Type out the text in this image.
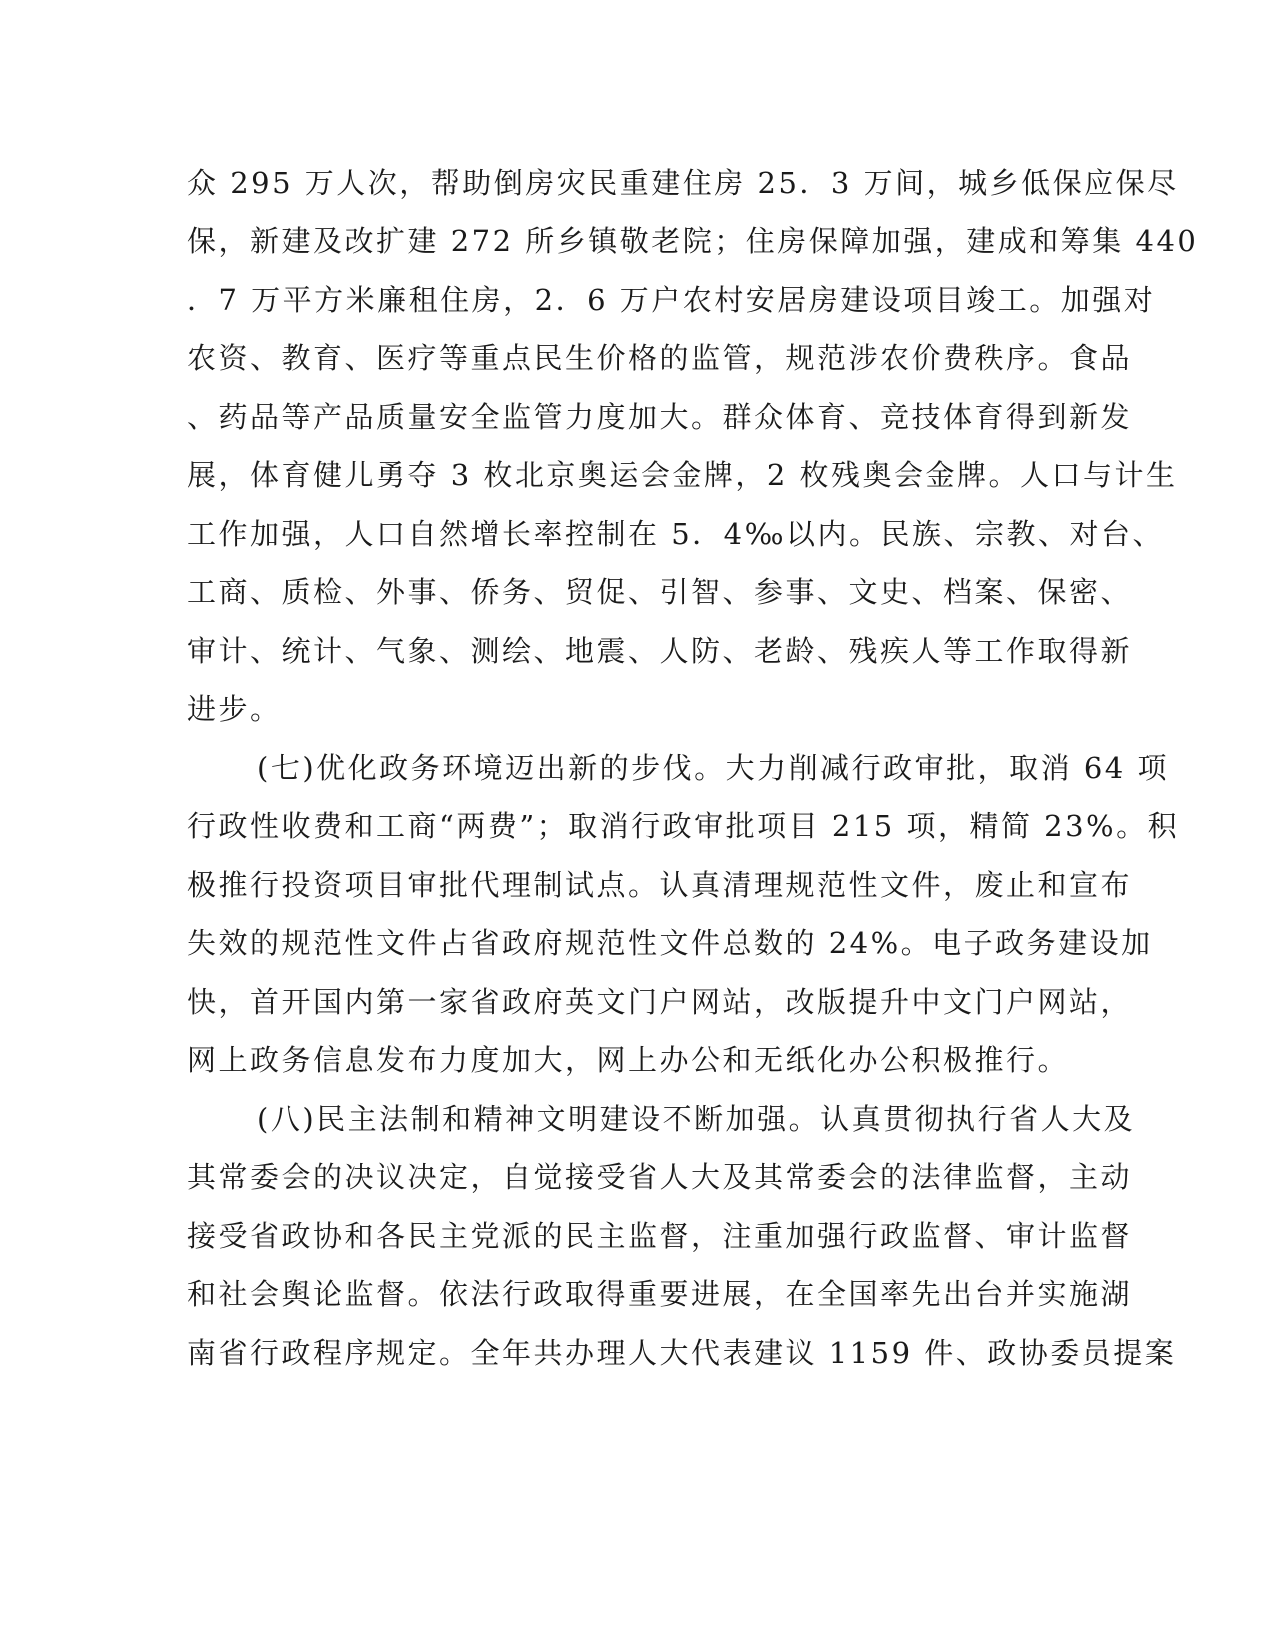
众 295 万人次，帮助倒房灾民重建住房 25．3 万间，城乡低保应保尽
保，新建及改扩建 272 所乡镇敬老院；住房保障加强，建成和筹集 440
．7 万平方米廉租住房，2．6 万户农村安居房建设项目竣工。加强对
农资、教育、医疗等重点民生价格的监管，规范涉农价费秩序。食品
、药品等产品质量安全监管力度加大。群众体育、竞技体育得到新发
展，体育健儿勇夺 3 枚北京奥运会金牌，2 枚残奥会金牌。人口与计生
工作加强，人口自然增长率控制在 5．4‰以内。民族、宗教、对台、
工商、质检、外事、侨务、贸促、引智、参事、文史、档案、保密、
审计、统计、气象、测绘、地震、人防、老龄、残疾人等工作取得新
进步。
(七)优化政务环境迈出新的步伐。大力削减行政审批，取消 64 项
行政性收费和工商“两费”；取消行政审批项目 215 项，精简 23%。积
极推行投资项目审批代理制试点。认真清理规范性文件，废止和宣布
失效的规范性文件占省政府规范性文件总数的 24%。电子政务建设加
快，首开国内第一家省政府英文门户网站，改版提升中文门户网站，
网上政务信息发布力度加大，网上办公和无纸化办公积极推行。
(八)民主法制和精神文明建设不断加强。认真贯彻执行省人大及
其常委会的决议决定，自觉接受省人大及其常委会的法律监督，主动
接受省政协和各民主党派的民主监督，注重加强行政监督、审计监督
和社会舆论监督。依法行政取得重要进展，在全国率先出台并实施湖
南省行政程序规定。全年共办理人大代表建议 1159 件、政协委员提案
